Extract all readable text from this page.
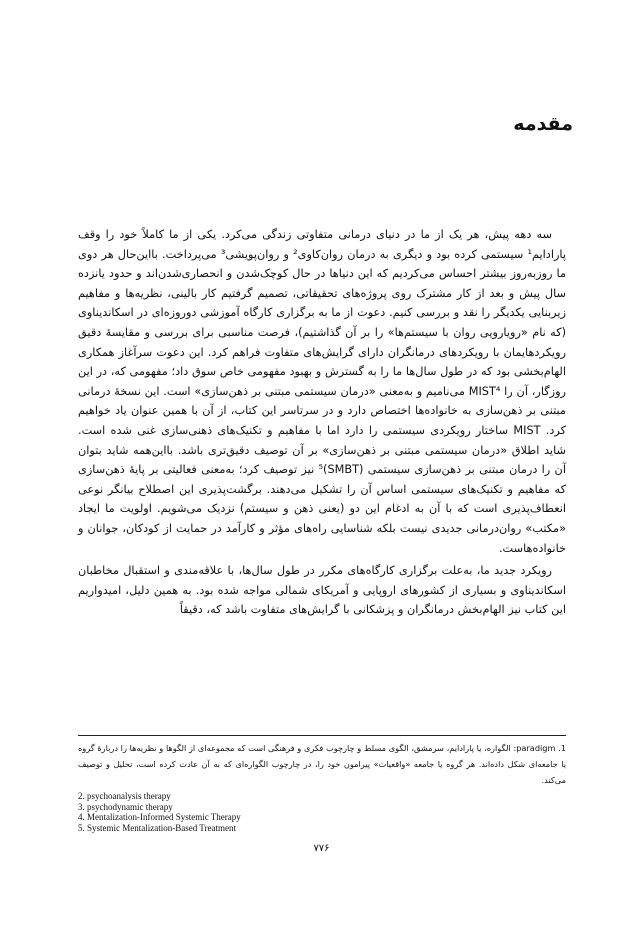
مقدمه

سه دهه پیش، هر یک از ما در دنیای درمانی متفاوتی زندگی می‌کرد. یکی از ما کاملاً خود را وقف پارادایم¹ سیستمی کرده بود و دیگری به درمان روان‌کاوی² و روان‌پویشی³ می‌پرداخت. بااین‌حال هر دوی ما روزبه‌روز بیشتر احساس می‌کردیم که این دنیاها در حال کوچک‌شدن و انحصاری‌شدن‌اند و حدود یانزده سال پیش و بعد از کار مشترک روی پروژه‌های تحقیقاتی، تصمیم گرفتیم کار بالینی، نظریه‌ها و مفاهیم زیربنایی یکدیگر را نقد و بررسی کنیم. دعوت از ما به برگزاری کارگاه آموزشی دوروزه‌ای در اسکاندیناوی (که نام «رویارویی روان با سیستم‌ها» را بر آن گذاشتیم)، فرصت مناسبی برای بررسی و مقایسهٔ دقیق رویکردهایمان با رویکردهای درمانگران دارای گرایش‌های متفاوت فراهم کرد. این دعوت سرآغاز همکاری الهام‌بخشی بود که در طول سال‌ها ما را به گسترش و بهبود مفهومی خاص سوق داد؛ مفهومی که، در این روزگار، آن را MIST⁴ می‌نامیم و به‌معنی «درمان سیستمی مبتنی بر ذهن‌سازی» است. این نسخهٔ درمانی مبتنی بر ذهن‌سازی به خانواده‌ها اختصاص دارد و در سرتاسر این کتاب، از آن با همین عنوان یاد خواهیم کرد. MIST ساختار رویکردی سیستمی را دارد اما با مفاهیم و تکنیک‌های ذهنی‌سازی غنی شده است. شاید اطلاق «درمان سیستمی مبتنی بر ذهن‌سازی» بر آن توصیف دقیق‌تری باشد. بااین‌همه شاید بتوان آن را درمان مبتنی بر ذهن‌سازی سیستمی (SMBT)⁵ نیز توصیف کرد؛ به‌معنی فعالیتی بر پایهٔ ذهن‌سازی که مفاهیم و تکنیک‌های سیستمی اساس آن را تشکیل می‌دهند. برگشت‌پذیری این اصطلاح بیانگر نوعی انعطاف‌پذیری است که با آن به ادغام این دو (یعنی ذهن و سیستم) نزدیک می‌شویم. اولویت ما ایجاد «مکتب» روان‌درمانی جدیدی نیست بلکه شناسایی راه‌های مؤثر و کارآمد در حمایت از کودکان، جوانان و خانواده‌هاست.

رویکرد جدید ما، به‌علت برگزاری کارگاه‌های مکرر در طول سال‌ها، با علاقه‌مندی و استقبال مخاطبان اسکاندیناوی و بسیاری از کشورهای اروپایی و آمریکای شمالی مواجه شده بود. به همین دلیل، امیدواریم این کتاب نیز الهام‌بخش درمانگران و پزشکانی با گرایش‌های متفاوت باشد که، دقیقاً

1. paradigm: الگواره، یا پارادایم، سرمشق، الگوی مسلط و چارچوب فکری و فرهنگی است که مجموعه‌ای از الگوها و نظریه‌ها را دربارهٔ گروه یا جامعه‌ای شکل داده‌اند. هر گروه یا جامعه «واقعیات» پیرامون خود را، در چارچوب الگواره‌ای که به آن عادت کرده است، تحلیل و توصیف می‌کند.

2. psychoanalysis therapy
3. psychodynamic therapy
4. Mentalization-Informed Systemic Therapy
5. Systemic Mentalization-Based Treatment
۷۷۶
